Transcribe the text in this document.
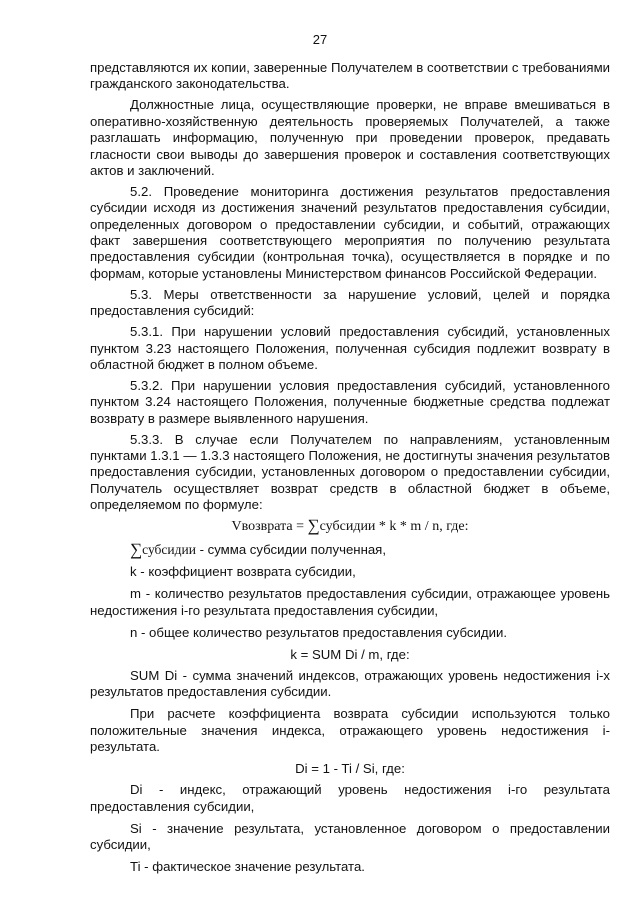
27

представляются их копии, заверенные Получателем в соответствии с требованиями гражданского законодательства.

Должностные лица, осуществляющие проверки, не вправе вмешиваться в оперативно-хозяйственную деятельность проверяемых Получателей, а также разглашать информацию, полученную при проведении проверок, предавать гласности свои выводы до завершения проверок и составления соответствующих актов и заключений.

5.2. Проведение мониторинга достижения результатов предоставления субсидии исходя из достижения значений результатов предоставления субсидии, определенных договором о предоставлении субсидии, и событий, отражающих факт завершения соответствующего мероприятия по получению результата предоставления субсидии (контрольная точка), осуществляется в порядке и по формам, которые установлены Министерством финансов Российской Федерации.

5.3. Меры ответственности за нарушение условий, целей и порядка предоставления субсидий:

5.3.1. При нарушении условий предоставления субсидий, установленных пунктом 3.23 настоящего Положения, полученная субсидия подлежит возврату в областной бюджет в полном объеме.

5.3.2. При нарушении условия предоставления субсидий, установленного пунктом 3.24 настоящего Положения, полученные бюджетные средства подлежат возврату в размере выявленного нарушения.

5.3.3. В случае если Получателем по направлениям, установленным пунктами 1.3.1 — 1.3.3 настоящего Положения, не достигнуты значения результатов предоставления субсидии, установленных договором о предоставлении субсидии, Получатель осуществляет возврат средств в областной бюджет в объеме, определяемом по формуле:

Vвозврата = ∑субсидии * k * m / n, где:

∑субсидии - сумма субсидии полученная,

k - коэффициент возврата субсидии,

m - количество результатов предоставления субсидии, отражающее уровень недостижения i-го результата предоставления субсидии,

n - общее количество результатов предоставления субсидии.

k = SUM Di / m, где:

SUM Di - сумма значений индексов, отражающих уровень недостижения i-х результатов предоставления субсидии.

При расчете коэффициента возврата субсидии используются только положительные значения индекса, отражающего уровень недостижения i-результата.

Di = 1 - Ti / Si, где:

Di - индекс, отражающий уровень недостижения i-го результата предоставления субсидии,

Si - значение результата, установленное договором о предоставлении субсидии,

Ti - фактическое значение результата.
